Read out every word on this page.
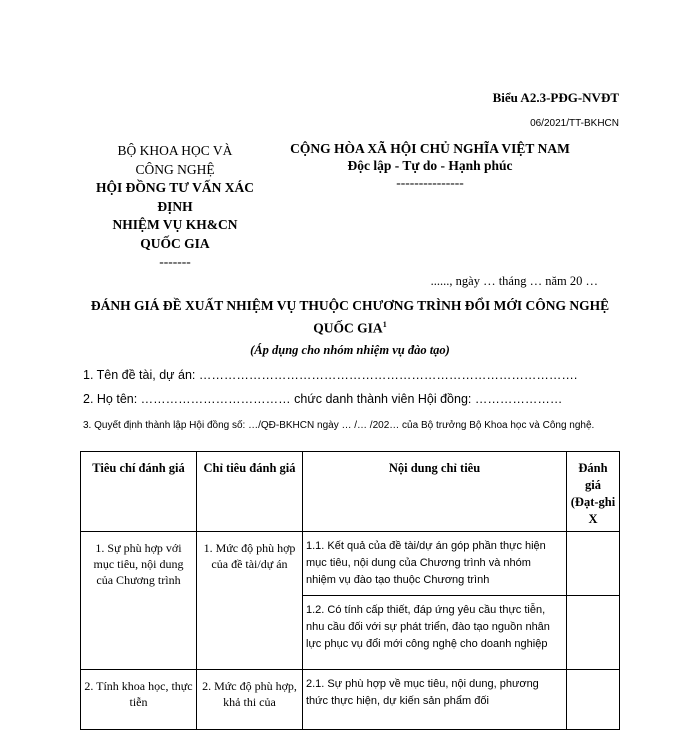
Biểu A2.3-PĐG-NVĐT
06/2021/TT-BKHCN
BỘ KHOA HỌC VÀ
CÔNG NGHỆ
HỘI ĐỒNG TƯ VẤN XÁC
ĐỊNH
NHIỆM VỤ KH&CN
QUỐC GIA
-------
CỘNG HÒA XÃ HỘI CHỦ NGHĨA VIỆT NAM
Độc lập - Tự do - Hạnh phúc
---------------
......, ngày … tháng … năm 20 …
ĐÁNH GIÁ ĐỀ XUẤT NHIỆM VỤ THUỘC CHƯƠNG TRÌNH ĐỔI MỚI CÔNG NGHỆ
QUỐC GIA$^1$
(Áp dụng cho nhóm nhiệm vụ đào tạo)
1. Tên đề tài, dự án: ……………………………………………………………………………….
2. Họ tên: ……………………………… chức danh thành viên Hội đồng: …………………
3. Quyết định thành lập Hội đồng số: …/QĐ-BKHCN ngày … /… /202… của Bộ trưởng Bộ Khoa học và Công nghệ.
Tiêu chí đánh giá	Chỉ tiêu đánh giá	Nội dung chỉ tiêu	Đánh giá (Đạt-ghi X
1. Sự phù hợp với mục tiêu, nội dung của Chương trình	1. Mức độ phù hợp của đề tài/dự án	1.1. Kết quả của đề tài/dự án góp phần thực hiện mục tiêu, nội dung của Chương trình và nhóm nhiệm vụ đào tạo thuộc Chương trình	
		1.2. Có tính cấp thiết, đáp ứng yêu cầu thực tiễn, nhu cầu đối với sự phát triển, đào tạo nguồn nhân lực phục vụ đổi mới công nghệ cho doanh nghiệp	
2. Tính khoa học, thực tiễn	2. Mức độ phù hợp, khả thi của	2.1. Sự phù hợp về mục tiêu, nội dung, phương thức thực hiện, dự kiến sản phẩm đối	
